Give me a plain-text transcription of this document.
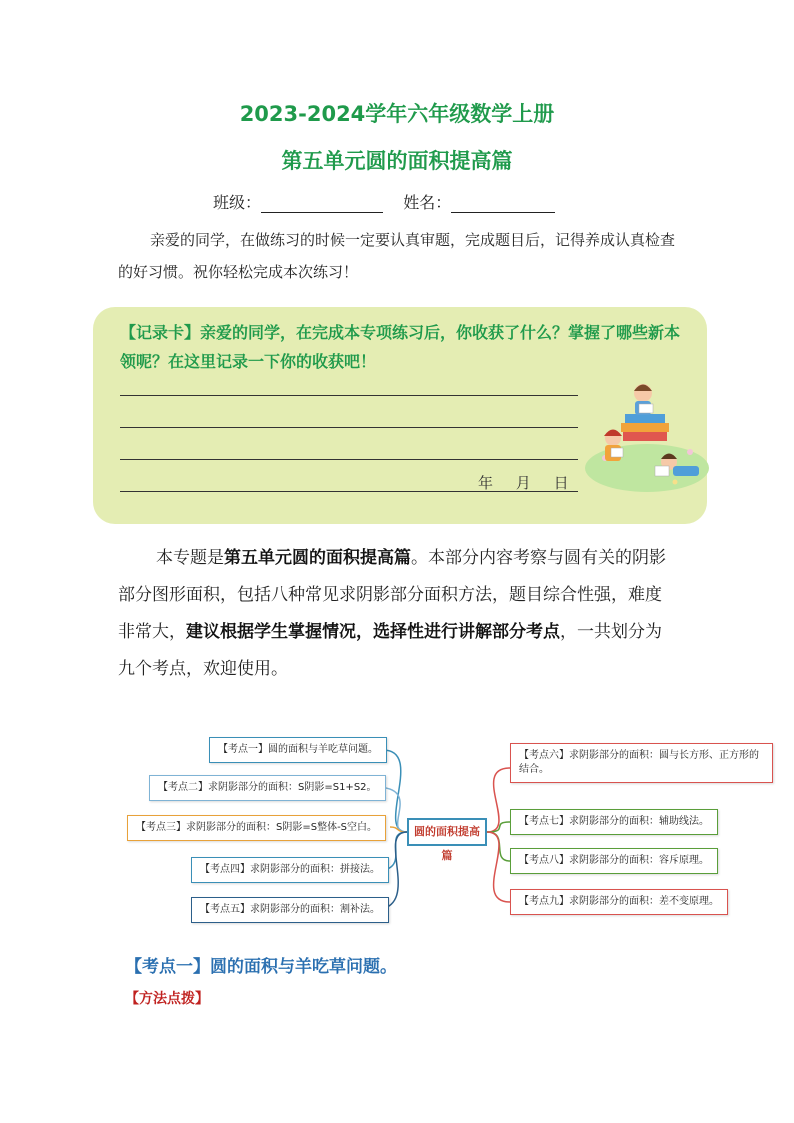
2023-2024学年六年级数学上册
第五单元圆的面积提高篇
班级：	姓名：
亲爱的同学，在做练习的时候一定要认真审题，完成题目后，记得养成认真检查的好习惯。祝你轻松完成本次练习！
【记录卡】亲爱的同学，在完成本专项练习后，你收获了什么？掌握了哪些新本领呢？在这里记录一下你的收获吧！
年 月 日
本专题是第五单元圆的面积提高篇。本部分内容考察与圆有关的阴影部分图形面积，包括八种常见求阴影部分面积方法，题目综合性强，难度非常大，建议根据学生掌握情况，选择性进行讲解部分考点，一共划分为九个考点，欢迎使用。
圆的面积提高篇
【考点一】圆的面积与羊吃草问题。
【考点二】求阴影部分的面积：S阴影=S1+S2。
【考点三】求阴影部分的面积：S阴影=S整体-S空白。
【考点四】求阴影部分的面积：拼接法。
【考点五】求阴影部分的面积：割补法。
【考点六】求阴影部分的面积：圆与长方形、正方形的结合。
【考点七】求阴影部分的面积：辅助线法。
【考点八】求阴影部分的面积：容斥原理。
【考点九】求阴影部分的面积：差不变原理。
【考点一】圆的面积与羊吃草问题。
【方法点拨】
